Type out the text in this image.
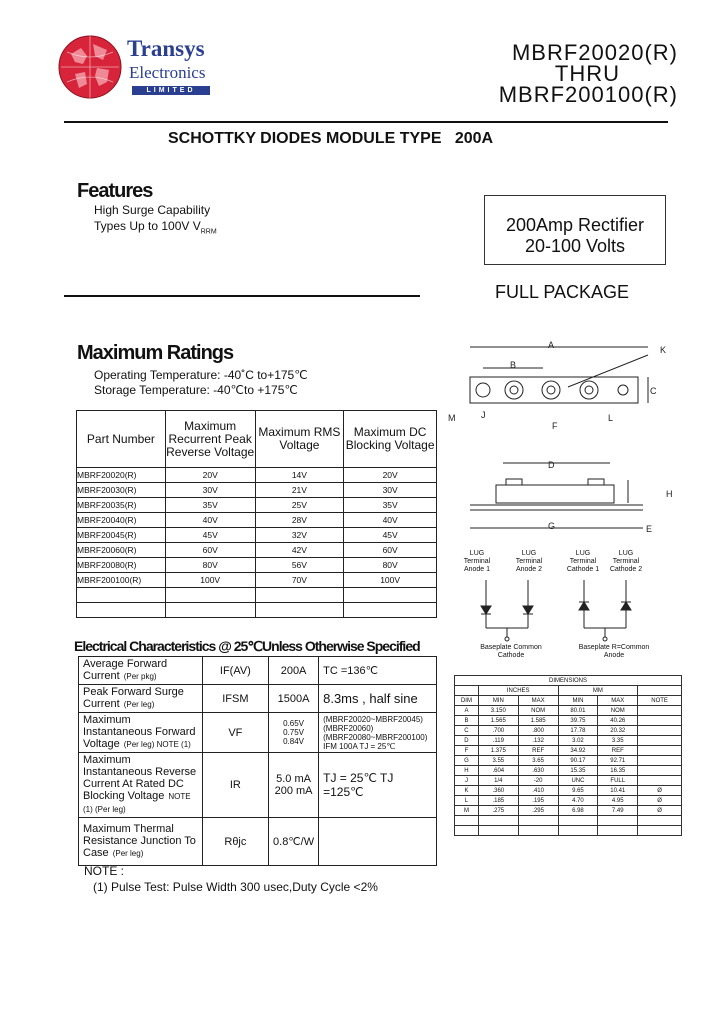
Transys
Electronics
LIMITED
MBRF20020(R)
THRU
MBRF200100(R)
SCHOTTKY DIODES MODULE TYPE   200A
Features
High Surge Capability
Types Up to 100V $V_{RRM}$	200Amp Rectifier
20-100 Volts
FULL PACKAGE
Maximum Ratings
Operating Temperature: -40˚C to+175℃
Storage Temperature: -40℃to +175℃
Part Number	Maximum Recurrent Peak Reverse Voltage	Maximum RMS Voltage	Maximum DC Blocking Voltage
MBRF20020(R)	20V	14V	20V
MBRF20030(R)	30V	21V	30V
MBRF20035(R)	35V	25V	35V
MBRF20040(R)	40V	28V	40V
MBRF20045(R)	45V	32V	45V
MBRF20060(R)	60V	42V	60V
MBRF20080(R)	80V	56V	80V
MBRF200100(R)	100V	70V	100V

Electrical Characteristics @ 25℃Unless Otherwise Specified
Average Forward Current (Per pkg)	IF(AV)	200A	TC =136℃
Peak Forward Surge Current (Per leg)	IFSM	1500A	8.3ms , half sine
Maximum Instantaneous Forward Voltage (Per leg) NOTE (1)	VF	0.65V 0.75V 0.84V	(MBRF20020~MBRF20045) (MBRF20060) (MBRF20080~MBRF200100) IFM 100A TJ = 25℃
Maximum Instantaneous Reverse Current At Rated DC Blocking Voltage NOTE (1) (Per leg)	IR	5.0 mA 200 mA	TJ = 25℃ TJ =125℃
Maximum Thermal Resistance Junction To Case (Per leg)	Rθjc	0.8℃/W	
NOTE :
(1) Pulse Test: Pulse Width 300 usec,Duty Cycle <2%
A
B
K
C
J
M
F
L
D
H
G	E
LUG Terminal Anode 1
LUG Terminal Anode 2
LUG Terminal Cathode 1
LUG Terminal Cathode 2
Baseplate Common Cathode
Baseplate R=Common Anode
DIMENSIONS					
	INCHES		MM		
DIM	MIN	MAX	MIN	MAX	NOTE
A	3.150	NOM	80.01	NOM	
B	1.565	1.585	39.75	40.26	
C	.700	.800	17.78	20.32	
D	.119	.132	3.02	3.35	
F	1.375	REF	34.92	REF	
G	3.55	3.65	90.17	92.71	
H	.604	.630	15.35	16.35	
J	1/4	-20	UNC	FULL	
K	.360	.410	9.65	10.41	Ø
L	.185	.195	4.70	4.95	Ø
M	.275	.295	6.98	7.49	Ø
